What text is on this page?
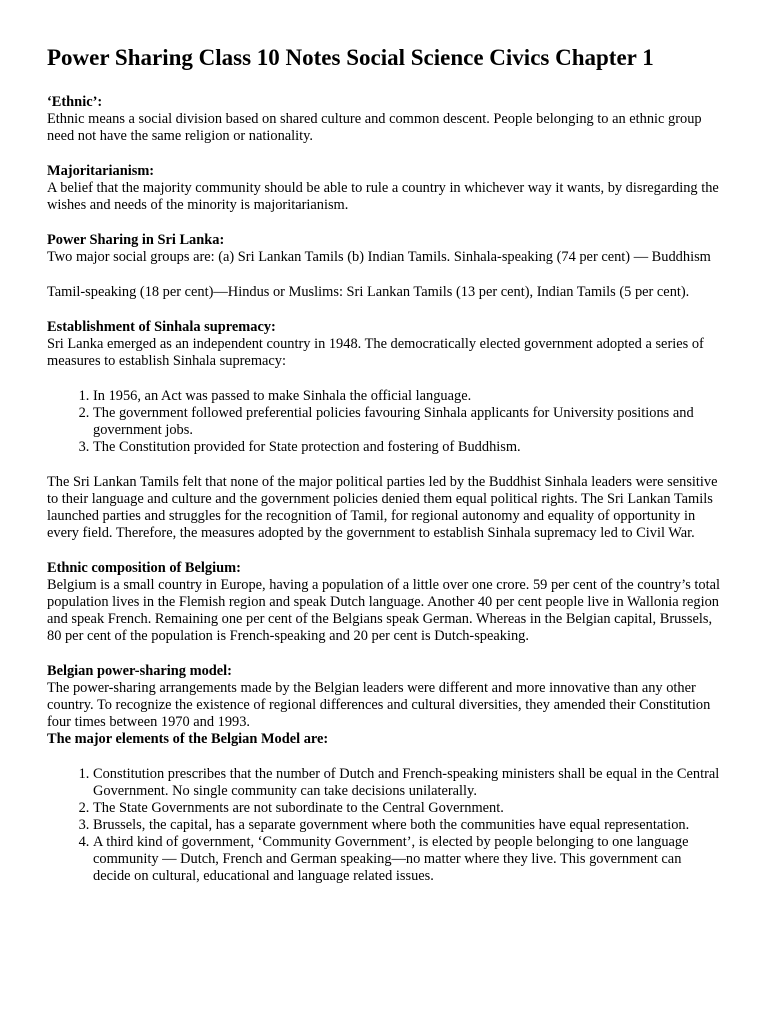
Power Sharing Class 10 Notes Social Science Civics Chapter 1
‘Ethnic’:

Ethnic means a social division based on shared culture and common descent. People belonging to an ethnic group need not have the same religion or nationality.

Majoritarianism:

A belief that the majority community should be able to rule a country in whichever way it wants, by disregarding the wishes and needs of the minority is majoritarianism.

Power Sharing in Sri Lanka:

Two major social groups are: (a) Sri Lankan Tamils (b) Indian Tamils. Sinhala-speaking (74 per cent) — Buddhism

Tamil-speaking (18 per cent)—Hindus or Muslims: Sri Lankan Tamils (13 per cent), Indian Tamils (5 per cent).

Establishment of Sinhala supremacy:

Sri Lanka emerged as an independent country in 1948. The democratically elected government adopted a series of measures to establish Sinhala supremacy:

1. In 1956, an Act was passed to make Sinhala the official language.
2. The government followed preferential policies favouring Sinhala applicants for University positions and government jobs.
3. The Constitution provided for State protection and fostering of Buddhism.

The Sri Lankan Tamils felt that none of the major political parties led by the Buddhist Sinhala leaders were sensitive to their language and culture and the government policies denied them equal political rights. The Sri Lankan Tamils launched parties and struggles for the recognition of Tamil, for regional autonomy and equality of opportunity in every field. Therefore, the measures adopted by the government to establish Sinhala supremacy led to Civil War.

Ethnic composition of Belgium:

Belgium is a small country in Europe, having a population of a little over one crore. 59 per cent of the country’s total population lives in the Flemish region and speak Dutch language. Another 40 per cent people live in Wallonia region and speak French. Remaining one per cent of the Belgians speak German. Whereas in the Belgian capital, Brussels, 80 per cent of the population is French-speaking and 20 per cent is Dutch-speaking.

Belgian power-sharing model:

The power-sharing arrangements made by the Belgian leaders were different and more innovative than any other country. To recognize the existence of regional differences and cultural diversities, they amended their Constitution four times between 1970 and 1993.

The major elements of the Belgian Model are:
1. Constitution prescribes that the number of Dutch and French-speaking ministers shall be equal in the Central Government. No single community can take decisions unilaterally.
2. The State Governments are not subordinate to the Central Government.
3. Brussels, the capital, has a separate government where both the communities have equal representation.
4. A third kind of government, ‘Community Government’, is elected by people belonging to one language community — Dutch, French and German speaking—no matter where they live. This government can decide on cultural, educational and language related issues.
